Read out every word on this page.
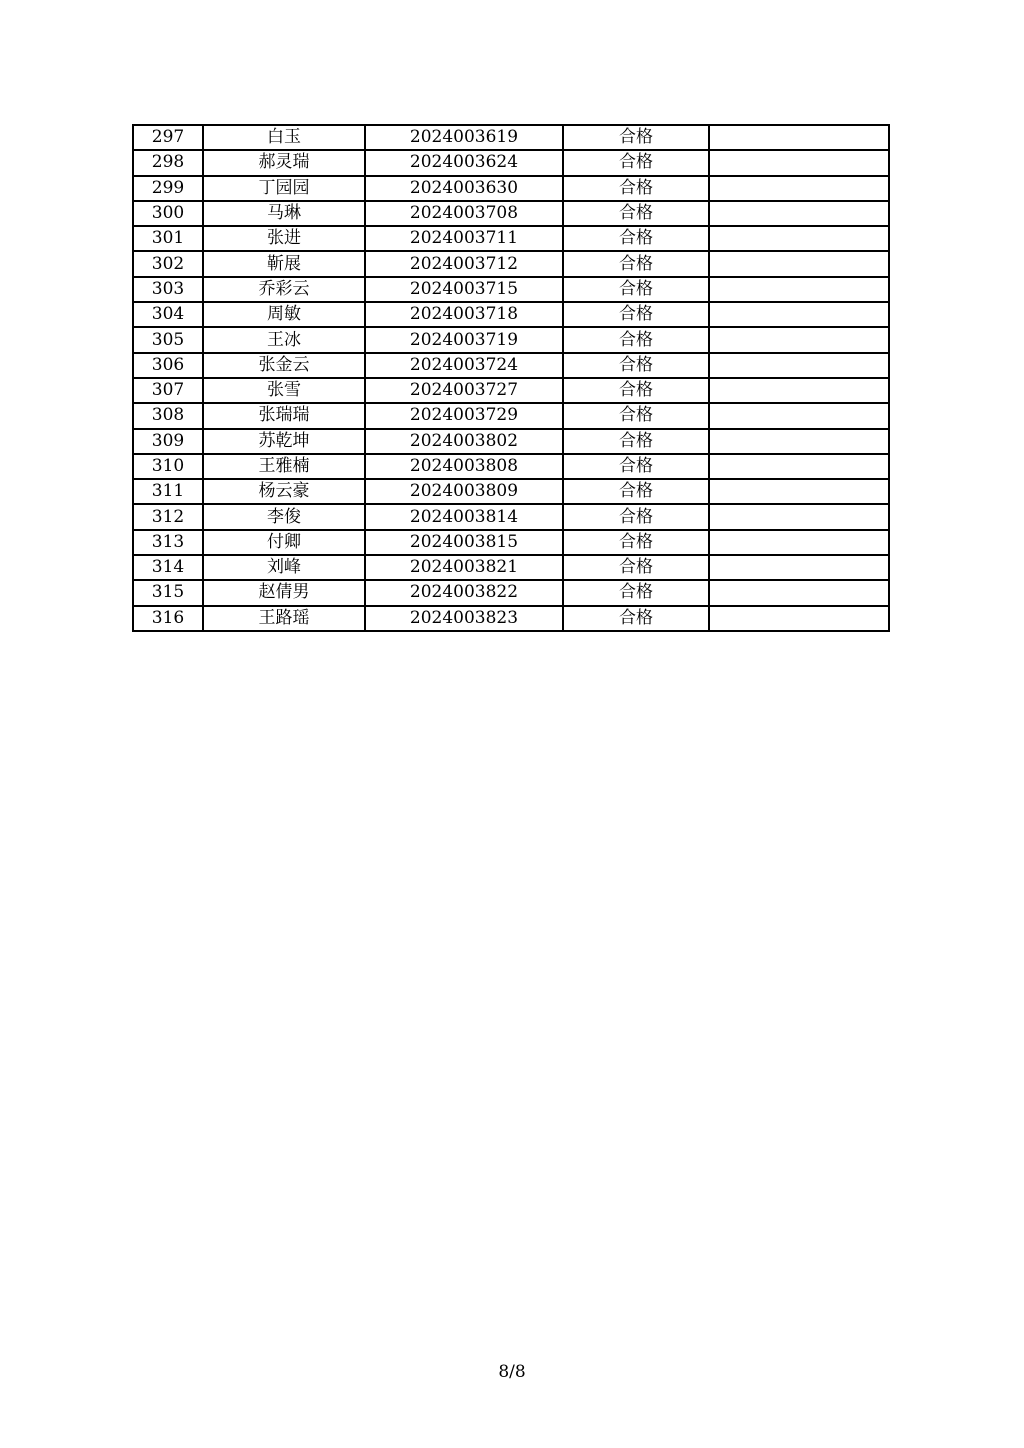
297	白玉	2024003619	合格	
298	郝灵瑞	2024003624	合格	
299	丁园园	2024003630	合格	
300	马琳	2024003708	合格	
301	张进	2024003711	合格	
302	靳展	2024003712	合格	
303	乔彩云	2024003715	合格	
304	周敏	2024003718	合格	
305	王冰	2024003719	合格	
306	张金云	2024003724	合格	
307	张雪	2024003727	合格	
308	张瑞瑞	2024003729	合格	
309	苏乾坤	2024003802	合格	
310	王雅楠	2024003808	合格	
311	杨云豪	2024003809	合格	
312	李俊	2024003814	合格	
313	付卿	2024003815	合格	
314	刘峰	2024003821	合格	
315	赵倩男	2024003822	合格	
316	王路瑶	2024003823	合格	
8/8
